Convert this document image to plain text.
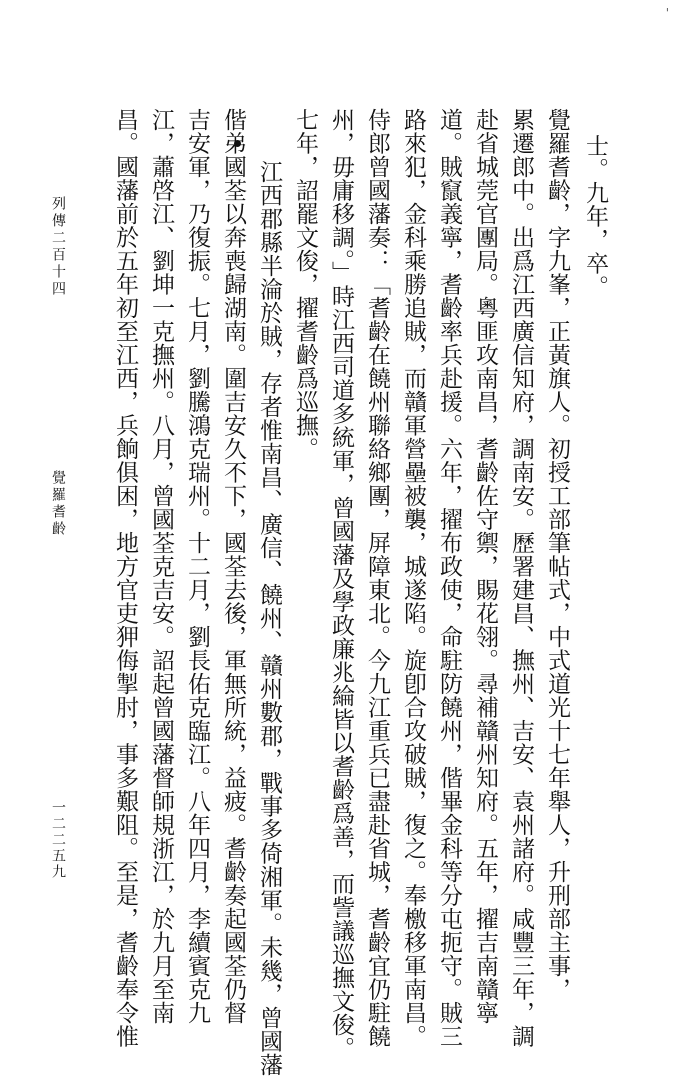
'
士。九年，卒。
覺羅耆齡，字九峯，正黃旗人。初授工部筆帖式，中式道光十七年舉人，升刑部主事，
累遷郎中。出爲江西廣信知府，調南安。歷署建昌、撫州、吉安、袁州諸府。咸豐三年，調
赴省城莞官團局。粵匪攻南昌，耆齡佐守禦，賜花翎。尋補贛州知府。五年，擢吉南贛寧
道。賊竄義寧，耆齡率兵赴援。六年，擢布政使，命駐防饒州，偕畢金科等分屯扼守。賊三
路來犯，金科乘勝追賊，而贛軍營壘被襲，城遂陷。旋卽合攻破賊，復之。奉檄移軍南昌。
侍郎曾國藩奏：「耆齡在饒州聯絡鄉團，屏障東北。今九江重兵已盡赴省城，耆齡宜仍駐饒
州，毋庸移調。」時江西司道多統軍，曾國藩及學政廉兆綸皆以耆齡爲善，而訾議巡撫文俊。
七年，詔罷文俊，擢耆齡爲巡撫。
江西郡縣半淪於賊，存者惟南昌、廣信、饒州、贛州數郡，戰事多倚湘軍。未幾，曾國藩
偕弟國荃以奔喪歸湖南。圍吉安久不下，國荃去後，軍無所統，益疲。耆齡奏起國荃仍督
吉安軍，乃復振。七月，劉騰鴻克瑞州。十二月，劉長佑克臨江。八年四月，李續賓克九
江，蕭啓江、劉坤一克撫州。八月，曾國荃克吉安。詔起曾國藩督師規浙江，於九月至南
昌。國藩前於五年初至江西，兵餉俱困，地方官吏狎侮掣肘，事多艱阻。至是，耆齡奉令惟
列傳二百十四
覺羅耆齡
一二二五九
